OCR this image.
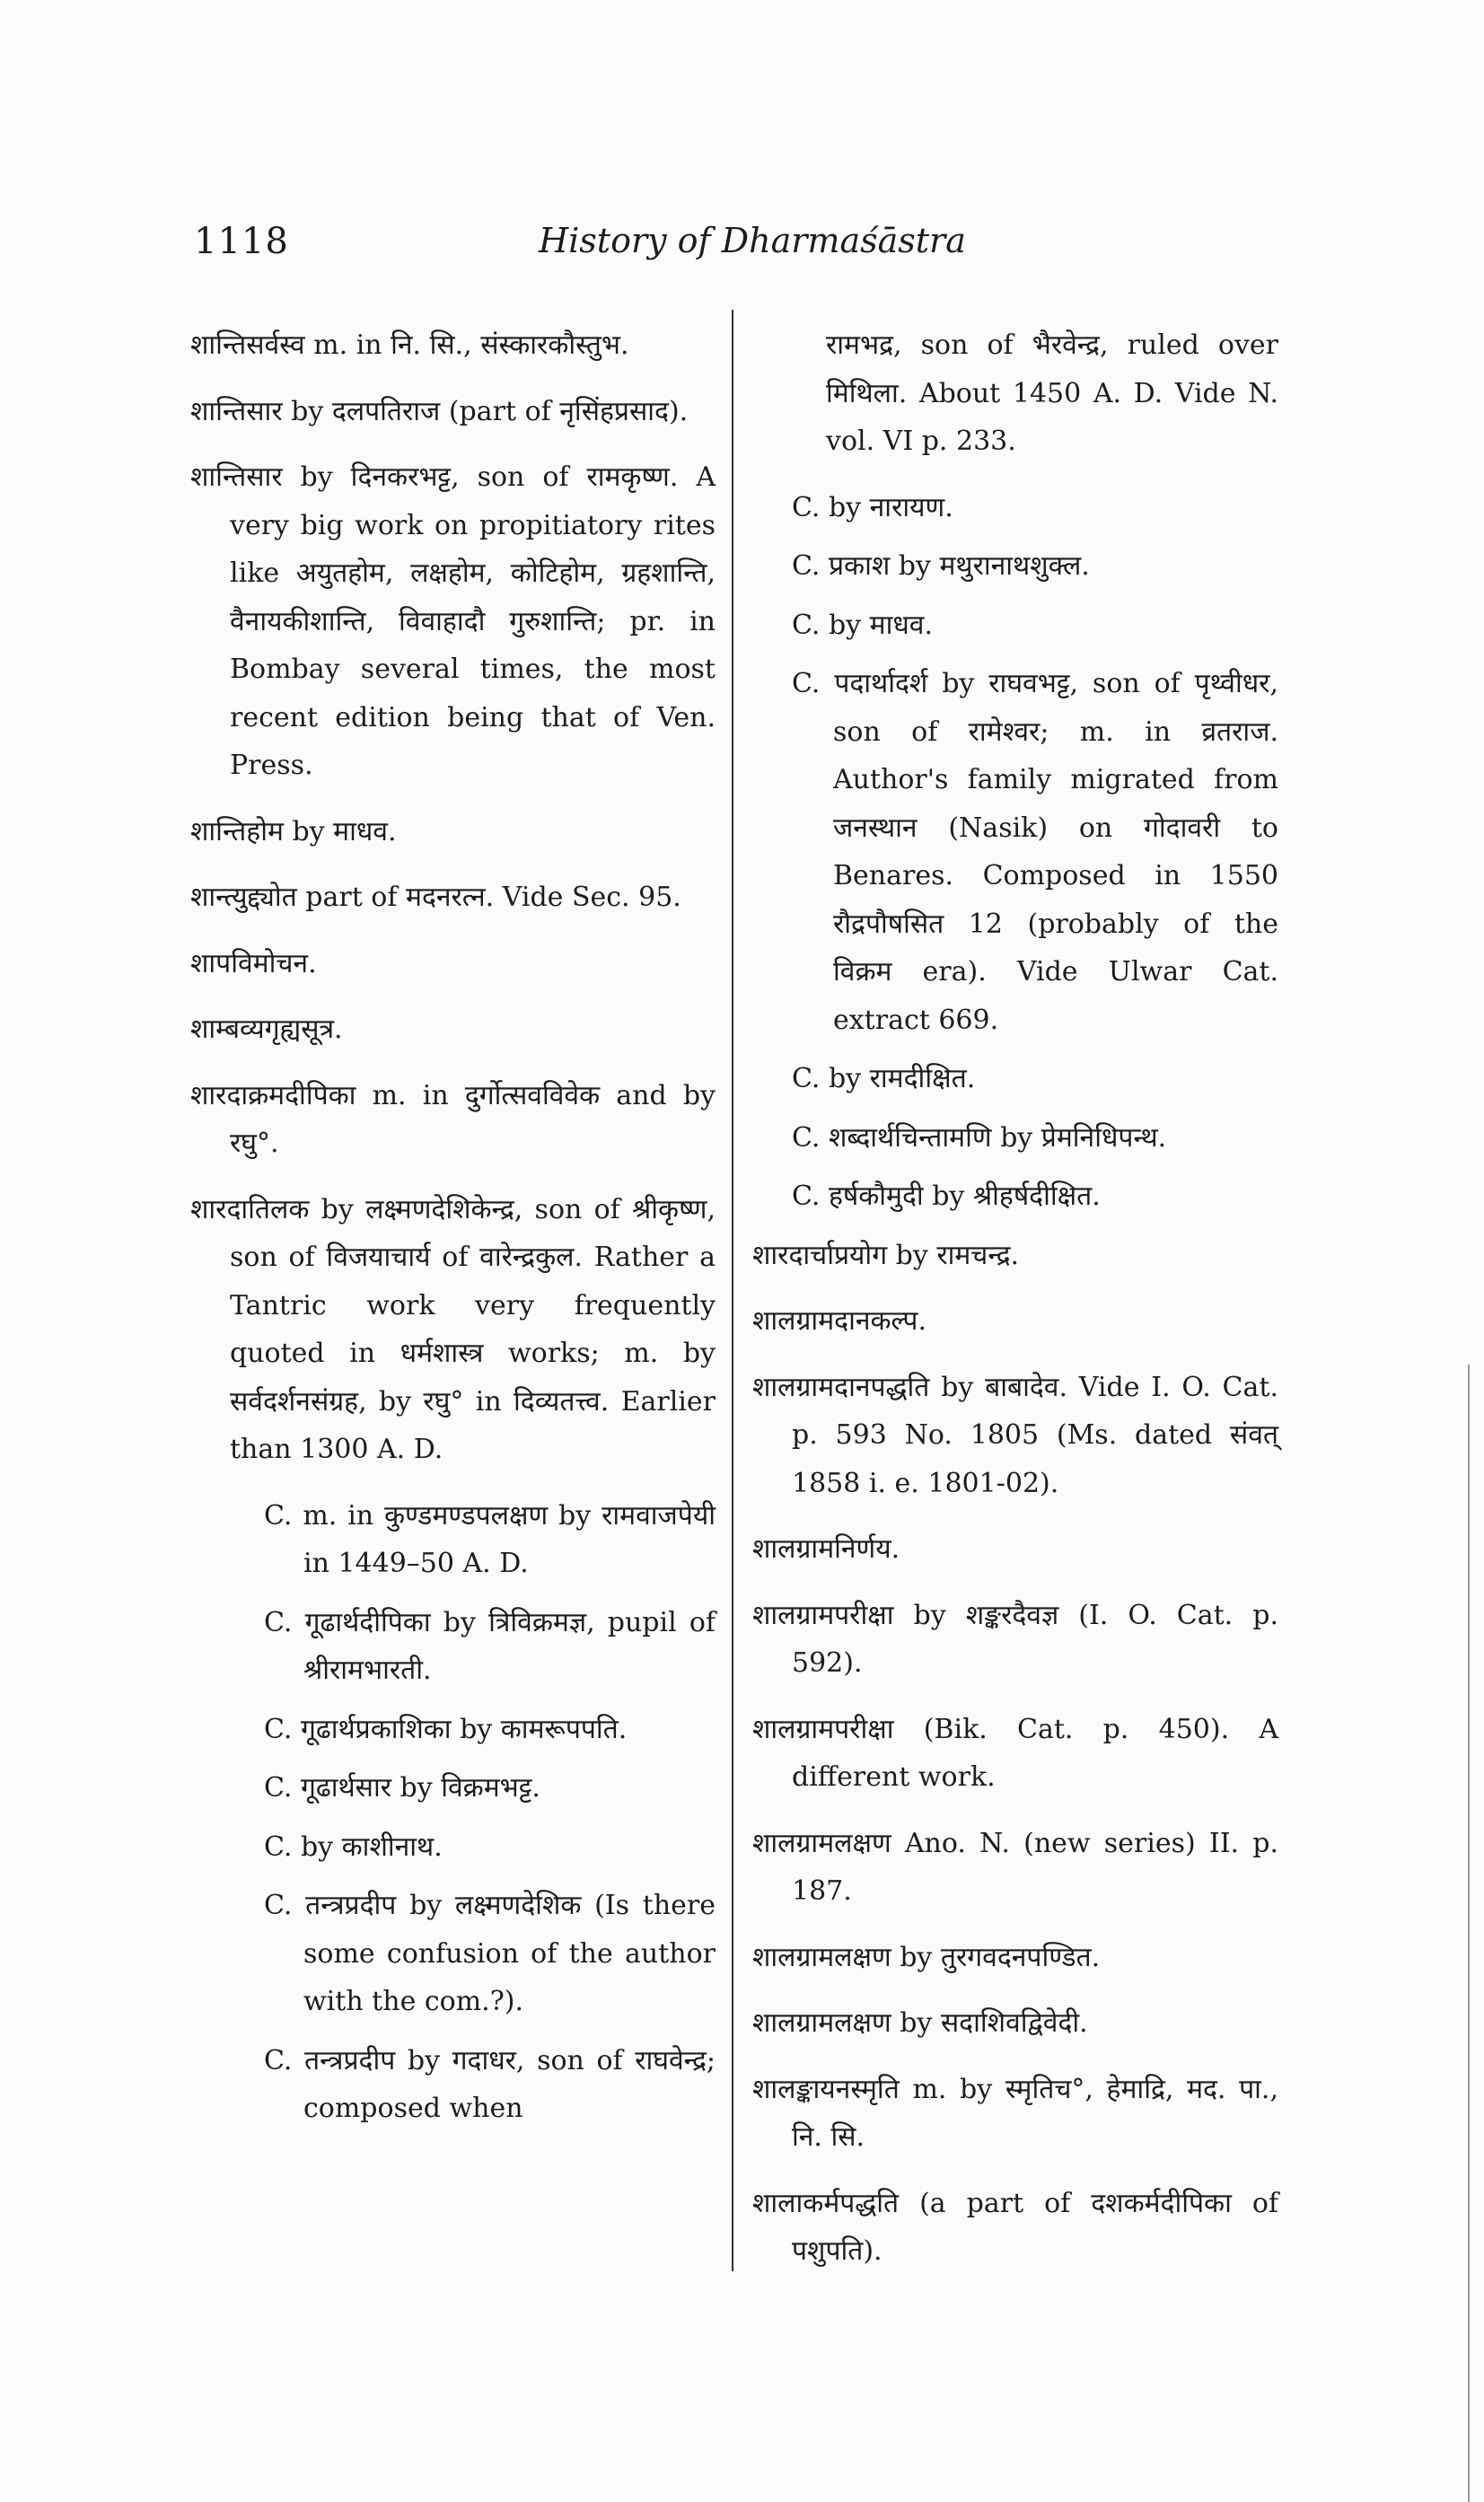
1118	History of Dharmaśāstra

शान्तिसर्वस्व m. in नि. सि., संस्कारकौस्तुभ.

शान्तिसार by दलपतिराज (part of नृसिंहप्रसाद).

शान्तिसार by दिनकरभट्ट, son of रामकृष्ण. A very big work on propitiatory rites like अयुतहोम, लक्षहोम, कोटिहोम, ग्रहशान्ति, वैनायकीशान्ति, विवाहादौ गुरुशान्ति; pr. in Bombay several times, the most recent edition being that of Ven. Press.

शान्तिहोम by माधव.

शान्त्युद्द्योत part of मदनरत्न. Vide Sec. 95.

शापविमोचन.

शाम्बव्यगृह्यसूत्र.

शारदाक्रमदीपिका m. in दुर्गोत्सवविवेक and by रघु°.

शारदातिलक by लक्ष्मणदेशिकेन्द्र, son of श्रीकृष्ण, son of विजयाचार्य of वारेन्द्रकुल. Rather a Tantric work very frequently quoted in धर्मशास्त्र works; m. by सर्वदर्शनसंग्रह, by रघु° in दिव्यतत्त्व. Earlier than 1300 A. D.

C. m. in कुण्डमण्डपलक्षण by रामवाजपेयी in 1449–50 A. D.

C. गूढार्थदीपिका by त्रिविक्रमज्ञ, pupil of श्रीरामभारती.

C. गूढार्थप्रकाशिका by कामरूपपति.

C. गूढार्थसार by विक्रमभट्ट.

C. by काशीनाथ.

C. तन्त्रप्रदीप by लक्ष्मणदेशिक (Is there some confusion of the author with the com.?).

C. तन्त्रप्रदीप by गदाधर, son of राघवेन्द्र; composed when

रामभद्र, son of भैरवेन्द्र, ruled over मिथिला. About 1450 A. D. Vide N. vol. VI p. 233.

C. by नारायण.

C. प्रकाश by मथुरानाथशुक्ल.

C. by माधव.

C. पदार्थादर्श by राघवभट्ट, son of पृथ्वीधर, son of रामेश्वर; m. in व्रतराज. Author's family migrated from जनस्थान (Nasik) on गोदावरी to Benares. Composed in 1550 रौद्रपौषसित 12 (probably of the विक्रम era). Vide Ulwar Cat. extract 669.

C. by रामदीक्षित.

C. शब्दार्थचिन्तामणि by प्रेमनिधिपन्थ.

C. हर्षकौमुदी by श्रीहर्षदीक्षित.

शारदार्चाप्रयोग by रामचन्द्र.

शालग्रामदानकल्प.

शालग्रामदानपद्धति by बाबादेव. Vide I. O. Cat. p. 593 No. 1805 (Ms. dated संवत् 1858 i. e. 1801-02).

शालग्रामनिर्णय.

शालग्रामपरीक्षा by शङ्करदैवज्ञ (I. O. Cat. p. 592).

शालग्रामपरीक्षा (Bik. Cat. p. 450). A different work.

शालग्रामलक्षण Ano. N. (new series) II. p. 187.

शालग्रामलक्षण by तुरगवदनपण्डित.

शालग्रामलक्षण by सदाशिवद्विवेदी.

शालङ्कायनस्मृति m. by स्मृतिच°, हेमाद्रि, मद. पा., नि. सि.

शालाकर्मपद्धति (a part of दशकर्मदीपिका of पशुपति).
